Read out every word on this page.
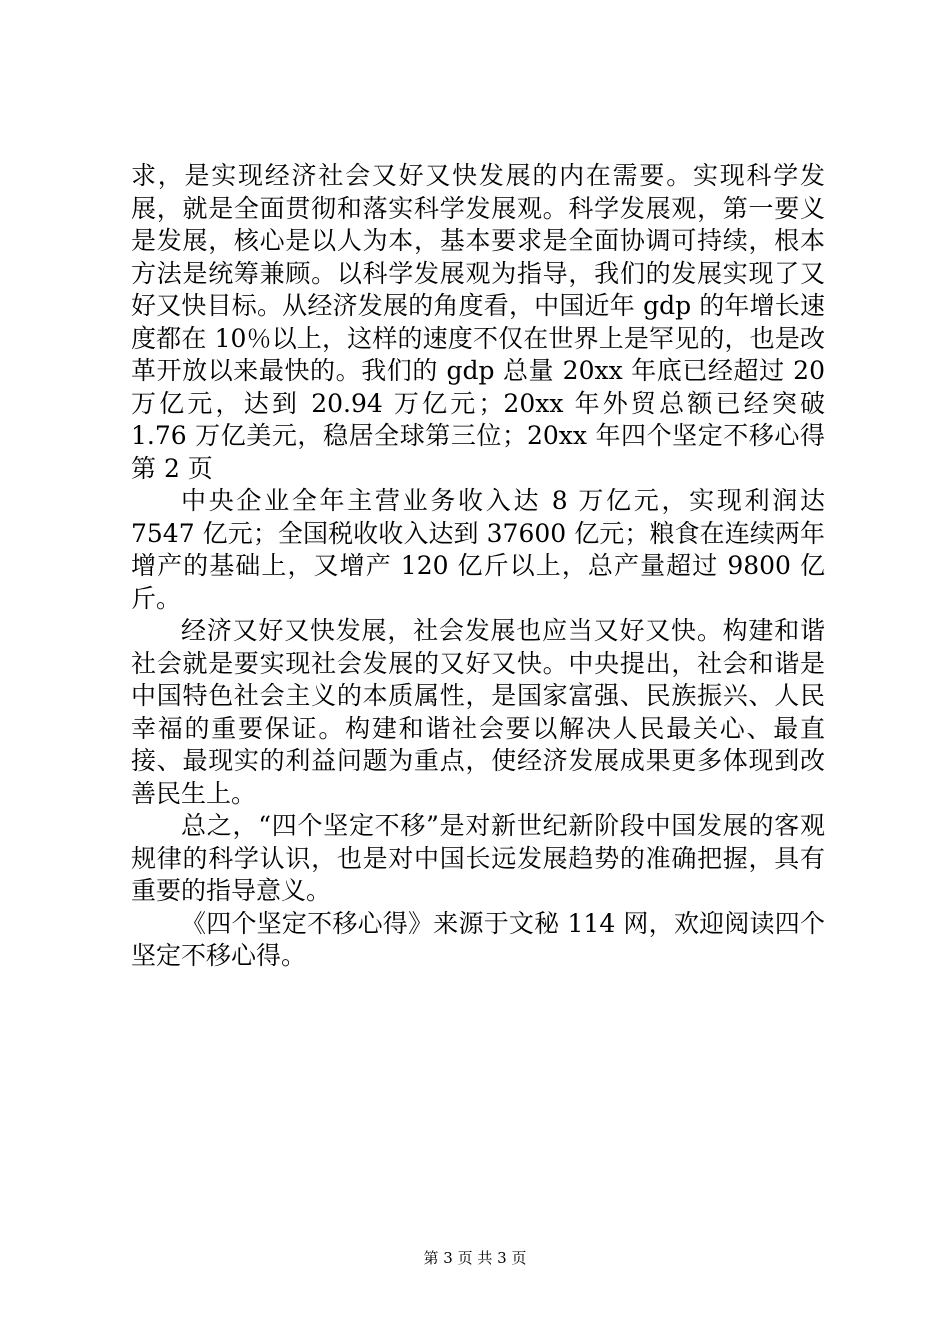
求，是实现经济社会又好又快发展的内在需要。实现科学发展，就是全面贯彻和落实科学发展观。科学发展观，第一要义是发展，核心是以人为本，基本要求是全面协调可持续，根本方法是统筹兼顾。以科学发展观为指导，我们的发展实现了又好又快目标。从经济发展的角度看，中国近年 gdp 的年增长速度都在 10％以上，这样的速度不仅在世界上是罕见的，也是改革开放以来最快的。我们的 gdp 总量 20xx 年底已经超过 20 万亿元，达到 20.94 万亿元；20xx 年外贸总额已经突破 1.76 万亿美元，稳居全球第三位；20xx 年四个坚定不移心得第 2 页

中央企业全年主营业务收入达 8 万亿元，实现利润达 7547 亿元；全国税收收入达到 37600 亿元；粮食在连续两年增产的基础上，又增产 120 亿斤以上，总产量超过 9800 亿斤。

经济又好又快发展，社会发展也应当又好又快。构建和谐社会就是要实现社会发展的又好又快。中央提出，社会和谐是中国特色社会主义的本质属性，是国家富强、民族振兴、人民幸福的重要保证。构建和谐社会要以解决人民最关心、最直接、最现实的利益问题为重点，使经济发展成果更多体现到改善民生上。

总之，“四个坚定不移”是对新世纪新阶段中国发展的客观规律的科学认识，也是对中国长远发展趋势的准确把握，具有重要的指导意义。

《四个坚定不移心得》来源于文秘 114 网，欢迎阅读四个坚定不移心得。

第 3 页 共 3 页
